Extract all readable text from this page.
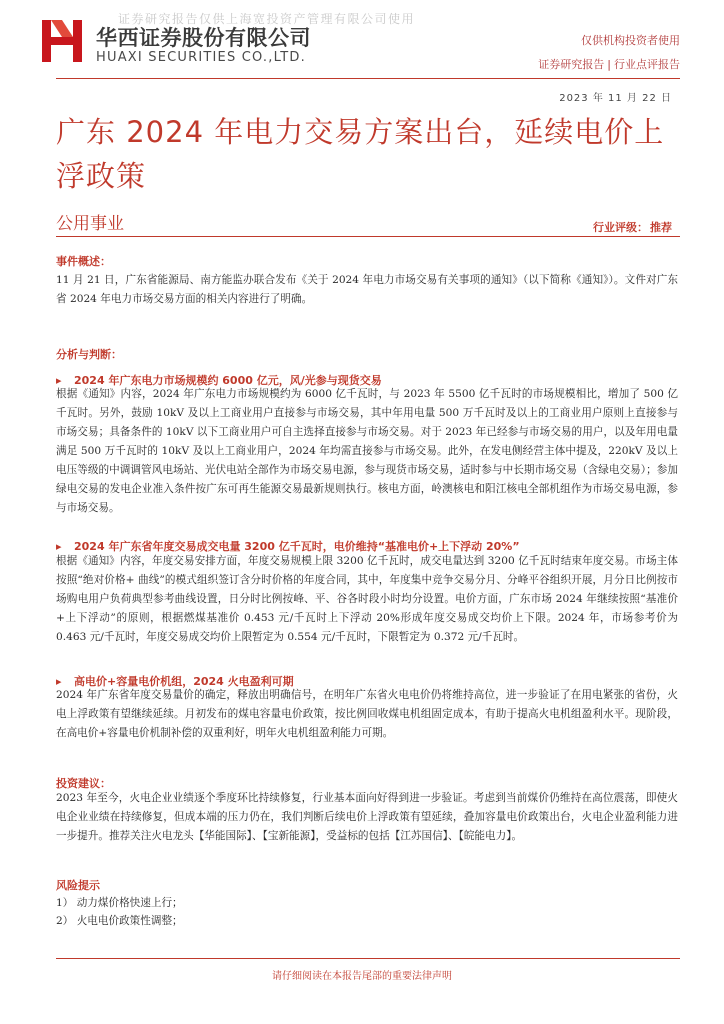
证券研究报告仅供上海宽投资产管理有限公司使用
华西证券股份有限公司
HUAXI SECURITIES CO.,LTD.
仅供机构投资者使用
证券研究报告 | 行业点评报告
2023 年 11 月 22 日
广东 2024 年电力交易方案出台，延续电价上浮政策
公用事业	行业评级： 推荐
事件概述：
11 月 21 日，广东省能源局、南方能监办联合发布《关于 2024 年电力市场交易有关事项的通知》（以下简称《通知》）。文件对广东省 2024 年电力市场交易方面的相关内容进行了明确。
分析与判断：
▸ 2024 年广东电力市场规模约 6000 亿元，风/光参与现货交易
根据《通知》内容，2024 年广东电力市场规模约为 6000 亿千瓦时，与 2023 年 5500 亿千瓦时的市场规模相比，增加了 500 亿千瓦时。另外，鼓励 10kV 及以上工商业用户直接参与市场交易，其中年用电量 500 万千瓦时及以上的工商业用户原则上直接参与市场交易；具备条件的 10kV 以下工商业用户可自主选择直接参与市场交易。对于 2023 年已经参与市场交易的用户，以及年用电量满足 500 万千瓦时的 10kV 及以上工商业用户，2024 年均需直接参与市场交易。此外，在发电侧经营主体中提及，220kV 及以上电压等级的中调调管风电场站、光伏电站全部作为市场交易电源，参与现货市场交易，适时参与中长期市场交易（含绿电交易）；参加绿电交易的发电企业准入条件按广东可再生能源交易最新规则执行。核电方面，岭澳核电和阳江核电全部机组作为市场交易电源，参与市场交易。
▸ 2024 年广东省年度交易成交电量 3200 亿千瓦时，电价维持“基准电价+上下浮动 20%”
根据《通知》内容，年度交易安排方面，年度交易规模上限 3200 亿千瓦时，成交电量达到 3200 亿千瓦时结束年度交易。市场主体按照“绝对价格+ 曲线”的模式组织签订含分时价格的年度合同，其中，年度集中竞争交易分月、分峰平谷组织开展，月分日比例按市场购电用户负荷典型参考曲线设置，日分时比例按峰、平、谷各时段小时均分设置。电价方面，广东市场 2024 年继续按照“基准价+上下浮动”的原则，根据燃煤基准价 0.453 元/千瓦时上下浮动 20%形成年度交易成交均价上下限。2024 年，市场参考价为 0.463 元/千瓦时，年度交易成交均价上限暂定为 0.554 元/千瓦时，下限暂定为 0.372 元/千瓦时。
▸ 高电价+容量电价机组，2024 火电盈利可期
2024 年广东省年度交易量价的确定，释放出明确信号，在明年广东省火电电价仍将维持高位，进一步验证了在用电紧张的省份，火电上浮政策有望继续延续。月初发布的煤电容量电价政策，按比例回收煤电机组固定成本，有助于提高火电机组盈利水平。现阶段，在高电价+容量电价机制补偿的双重利好，明年火电机组盈利能力可期。
投资建议：
2023 年至今，火电企业业绩逐个季度环比持续修复，行业基本面向好得到进一步验证。考虑到当前煤价仍维持在高位震荡，即使火电企业业绩在持续修复，但成本端的压力仍在，我们判断后续电价上浮政策有望延续，叠加容量电价政策出台，火电企业盈利能力进一步提升。推荐关注火电龙头【华能国际】、【宝新能源】，受益标的包括【江苏国信】、【皖能电力】。
风险提示
1） 动力煤价格快速上行；
2） 火电电价政策性调整；
请仔细阅读在本报告尾部的重要法律声明
